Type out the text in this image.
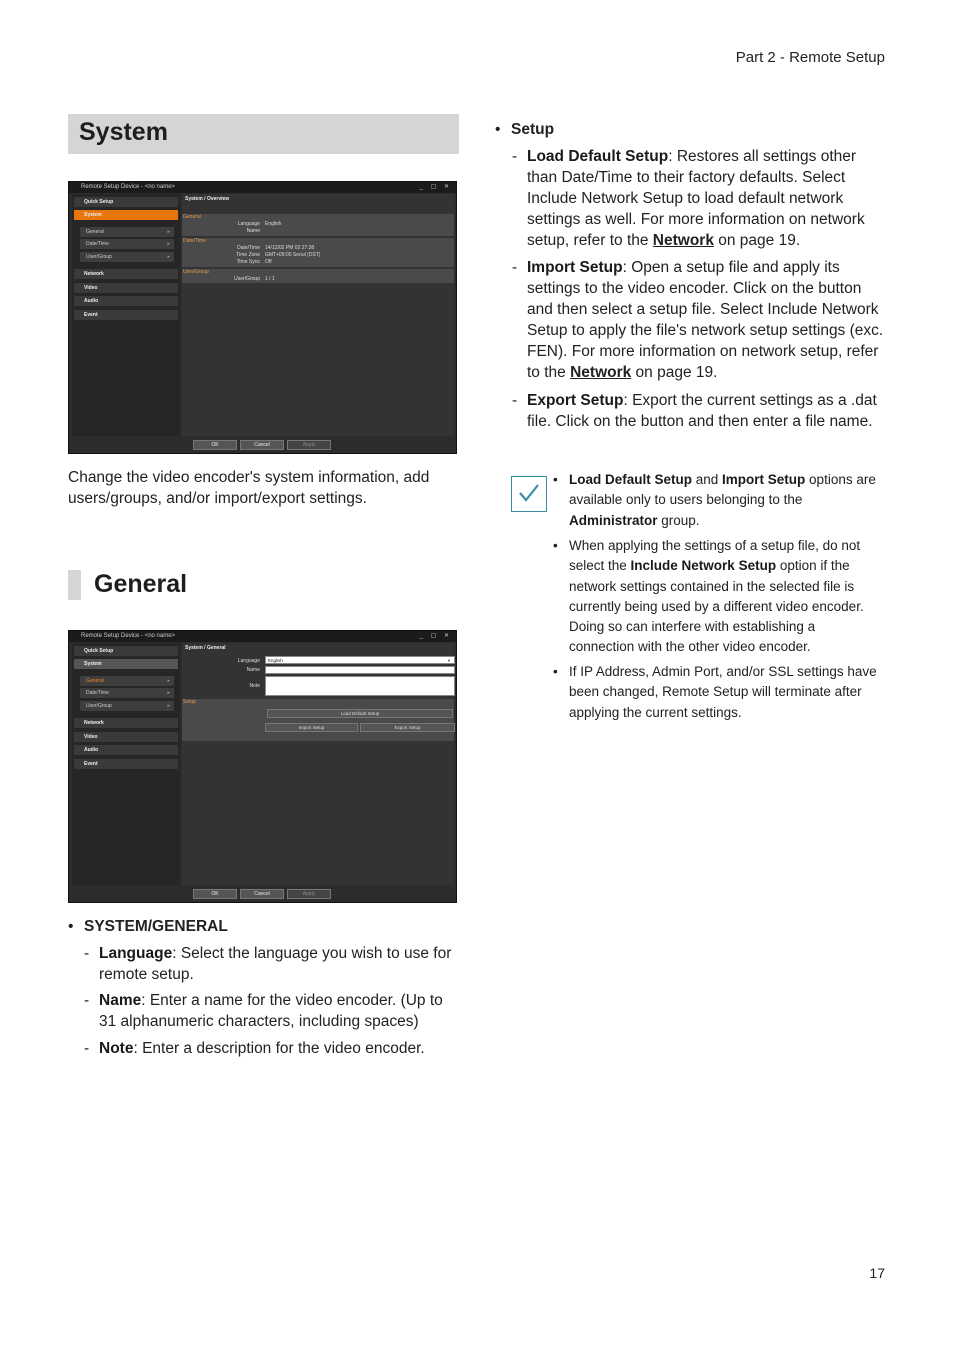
Part 2 - Remote Setup
System
Remote Setup Device - <no name>	_ ▢ ✕
Quick Setup
System
General	▸
Date/Time	▸
User/Group	▸
Network
Video
Audio
Event
System / Overview
General
Language English
Name
Date/Time
Date/Time 14/12/02 PM 02:27:38
Time Zone GMT+09:00 Seoul (DST)
Time Sync Off
User/Group
User/Group 1 / 1
OK	Cancel	Apply
Change the video encoder's system information, add users/groups, and/or import/export settings.
General
Remote Setup Device - <no name>	_ ▢ ✕
Quick Setup
System
General	▸
Date/Time	▸
User/Group	▸
Network
Video
Audio
Event
System / General
Language	English	▾
Name
Note
Setup
Load Default Setup
Import Setup	Export Setup
OK	Cancel	Apply
• SYSTEM/GENERAL
- Language: Select the language you wish to use for remote setup.
- Name: Enter a name for the video encoder. (Up to 31 alphanumeric characters, including spaces)
- Note: Enter a description for the video encoder.
• Setup
- Load Default Setup: Restores all settings other than Date/Time to their factory defaults. Select Include Network Setup to load default network settings as well. For more information on network setup, refer to the Network on page 19.
- Import Setup: Open a setup file and apply its settings to the video encoder. Click on the button and then select a setup file. Select Include Network Setup to apply the file's network setup settings (exc. FEN). For more information on network setup, refer to the Network on page 19.
- Export Setup: Export the current settings as a .dat file. Click on the button and then enter a file name.
• Load Default Setup and Import Setup options are available only to users belonging to the Administrator group.
• When applying the settings of a setup file, do not select the Include Network Setup option if the network settings contained in the selected file is currently being used by a different video encoder. Doing so can interfere with establishing a connection with the other video encoder.
• If IP Address, Admin Port, and/or SSL settings have been changed, Remote Setup will terminate after applying the current settings.
17
